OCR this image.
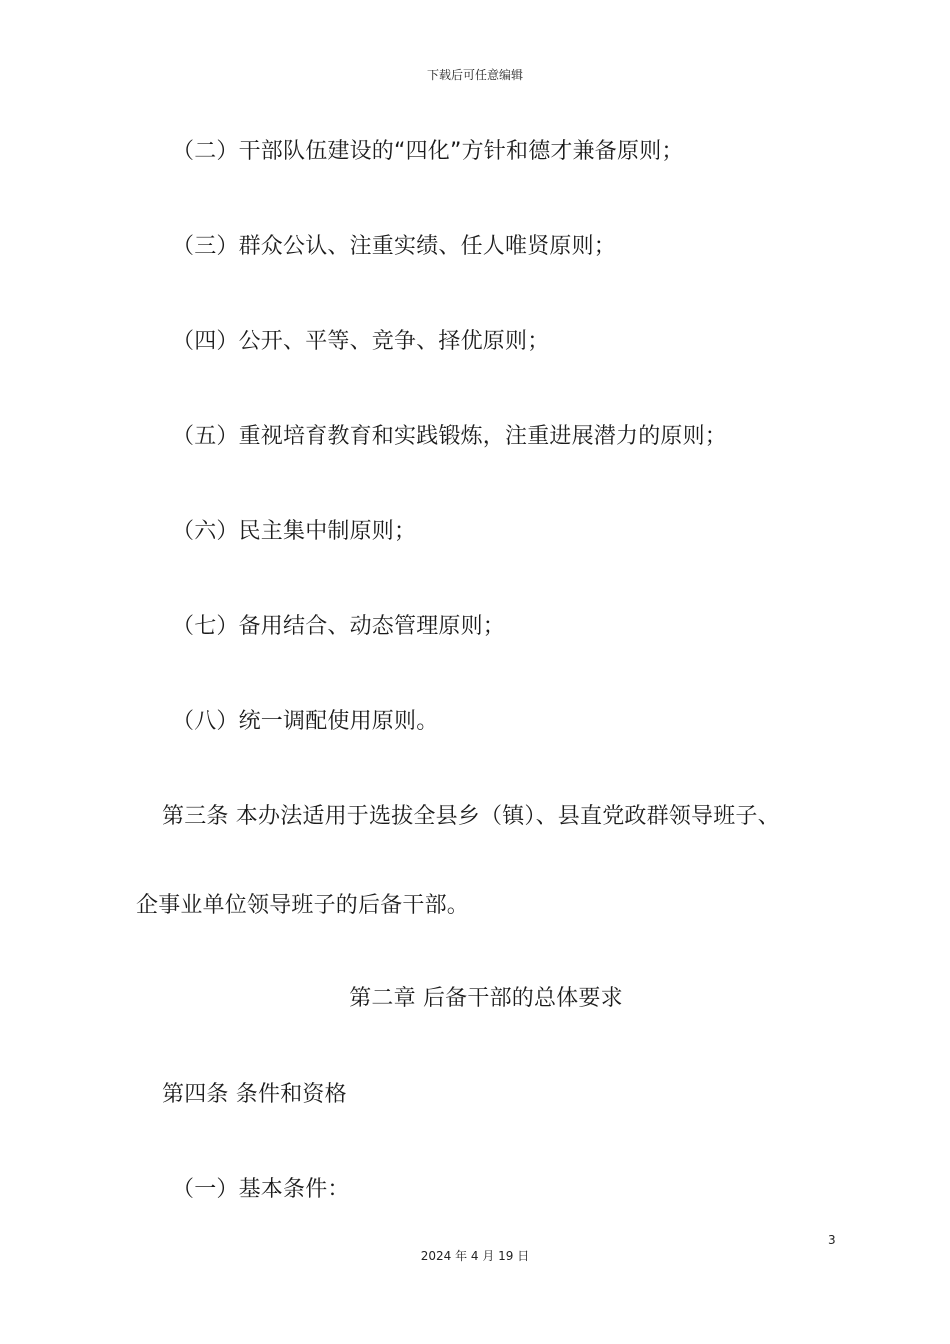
下载后可任意编辑
（二）干部队伍建设的“四化”方针和德才兼备原则；
（三）群众公认、注重实绩、任人唯贤原则；
（四）公开、平等、竞争、择优原则；
（五）重视培育教育和实践锻炼，注重进展潜力的原则；
（六）民主集中制原则；
（七）备用结合、动态管理原则；
（八）统一调配使用原则。
第三条 本办法适用于选拔全县乡（镇）、县直党政群领导班子、
企事业单位领导班子的后备干部。
第二章 后备干部的总体要求
第四条 条件和资格
（一）基本条件：
3
2024 年 4 月 19 日
